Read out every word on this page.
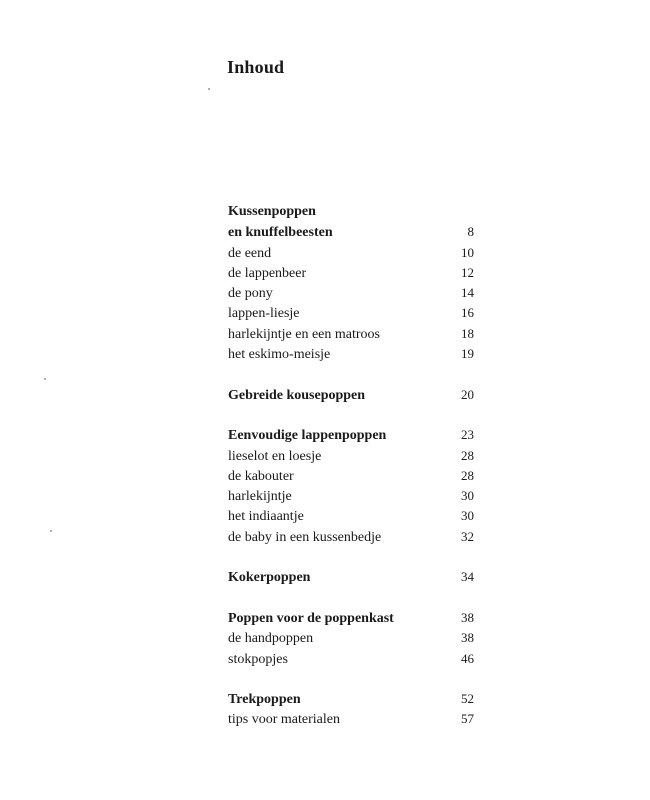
Inhoud
Kussenpoppen
en knuffelbeesten	8
de eend	10
de lappenbeer	12
de pony	14
lappen-liesje	16
harlekijntje en een matroos	18
het eskimo-meisje	19
Gebreide kousepoppen	20
Eenvoudige lappenpoppen	23
lieselot en loesje	28
de kabouter	28
harlekijntje	30
het indiaantje	30
de baby in een kussenbedje	32
Kokerpoppen	34
Poppen voor de poppenkast	38
de handpoppen	38
stokpopjes	46
Trekpoppen	52
tips voor materialen	57
